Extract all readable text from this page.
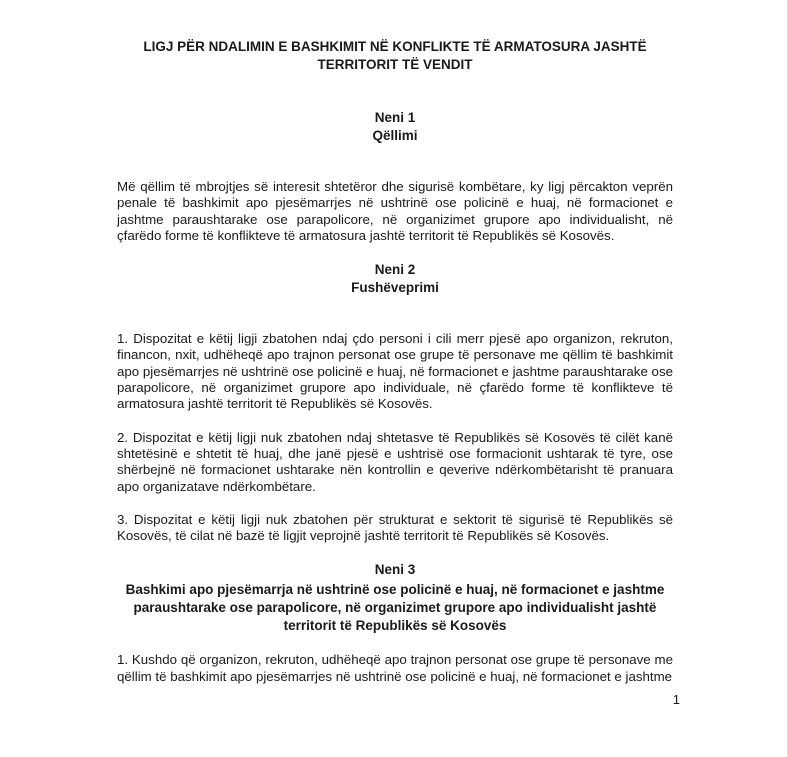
LIGJ PËR NDALIMIN E BASHKIMIT NË KONFLIKTE TË ARMATOSURA JASHTË
TERRITORIT TË VENDIT

Neni 1

Qëllimi

Më qëllim të mbrojtjes së interesit shtetëror dhe sigurisë kombëtare, ky ligj përcakton veprën penale të bashkimit apo pjesëmarrjes në ushtrinë ose policinë e huaj, në formacionet e jashtme paraushtarake ose parapolicore, në organizimet grupore apo individualisht, në çfarëdo forme të konflikteve të armatosura jashtë territorit të Republikës së Kosovës.

Neni 2

Fushëveprimi

1. Dispozitat e këtij ligji zbatohen ndaj çdo personi i cili merr pjesë apo organizon, rekruton, financon, nxit, udhëheqë apo trajnon personat ose grupe të personave me qëllim të bashkimit apo pjesëmarrjes në ushtrinë ose policinë e huaj, në formacionet e jashtme paraushtarake ose parapolicore, në organizimet grupore apo individuale, në çfarëdo forme të konflikteve të armatosura jashtë territorit të Republikës së Kosovës.

2. Dispozitat e këtij ligji nuk zbatohen ndaj shtetasve të Republikës së Kosovës të cilët kanë shtetësinë e shtetit të huaj, dhe janë pjesë e ushtrisë ose formacionit ushtarak të tyre, ose shërbejnë në formacionet ushtarake nën kontrollin e qeverive ndërkombëtarisht të pranuara apo organizatave ndërkombëtare.

3. Dispozitat e këtij ligji nuk zbatohen për strukturat e sektorit të sigurisë të Republikës së Kosovës, të cilat në bazë të ligjit veprojnë jashtë territorit të Republikës së Kosovës.

Neni 3

Bashkimi apo pjesëmarrja në ushtrinë ose policinë e huaj, në formacionet e jashtme paraushtarake ose parapolicore, në organizimet grupore apo individualisht jashtë territorit të Republikës së Kosovës

1. Kushdo që organizon, rekruton, udhëheqë apo trajnon personat ose grupe të personave me qëllim të bashkimit apo pjesëmarrjes në ushtrinë ose policinë e huaj, në formacionet e jashtme

1
